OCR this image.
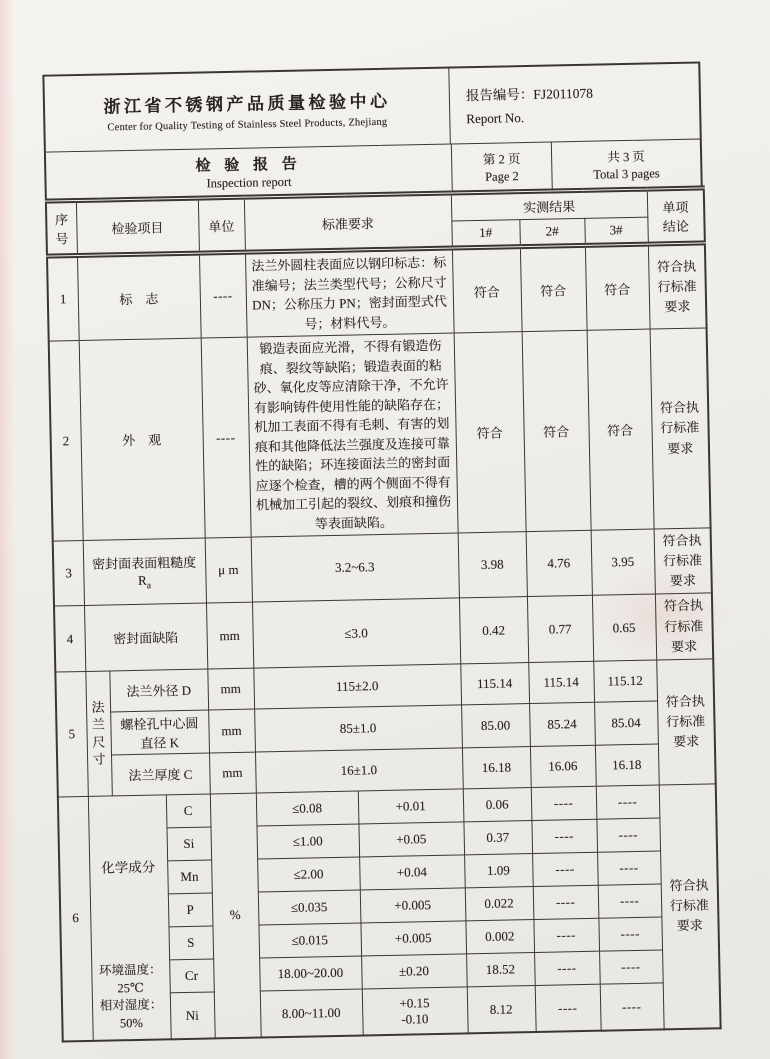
浙江省不锈钢产品质量检验中心
Center for Quality Testing of Stainless Steel Products, Zhejiang
报告编号：FJ2011078
Report No.
检 验 报 告
Inspection report
第 2 页
Page 2
共 3 页
Total 3 pages
序
号	检验项目			单位	标准要求		实测结果			单项
结论
							1#	2#	3#	
1	标　志			----	法兰外圆柱表面应以钢印标志：标准编号；法兰类型代号；公称尺寸 DN；公称压力 PN；密封面型式代号；材料代号。		符合	符合	符合	符合执行标准要求
2	外　观			----	锻造表面应光滑，不得有锻造伤痕、裂纹等缺陷；锻造表面的粘砂、氧化皮等应清除干净，不允许有影响铸件使用性能的缺陷存在；机加工表面不得有毛刺、有害的划痕和其他降低法兰强度及连接可靠性的缺陷；环连接面法兰的密封面应逐个检查，槽的两个侧面不得有机械加工引起的裂纹、划痕和撞伤等表面缺陷。		符合	符合	符合	符合执行标准要求
3	密封面表面粗糙度
$R_a$			μ m	3.2~6.3		3.98	4.76	3.95	符合执行标准要求
4	密封面缺陷			mm	≤3.0		0.42	0.77	0.65	符合执行标准要求
5	法
兰
尺
寸	法兰外径 D		mm	115±2.0		115.14	115.14	115.12	符合执行标准要求
		螺栓孔中心圆
直径 K		mm	85±1.0		85.00	85.24	85.04	
		法兰厚度 C		mm	16±1.0		16.18	16.06	16.18	
6	化学成分
环境温度：
25℃
相对湿度：
50%		C	%	≤0.08	+0.01	0.06	----	----	符合执行标准要求
			Si		≤1.00	+0.05	0.37	----	----	
			Mn		≤2.00	+0.04	1.09	----	----	
			P		≤0.035	+0.005	0.022	----	----	
			S		≤0.015	+0.005	0.002	----	----	
			Cr		18.00~20.00	±0.20	18.52	----	----	
			Ni		8.00~11.00	+0.15
-0.10	8.12	----	----	
